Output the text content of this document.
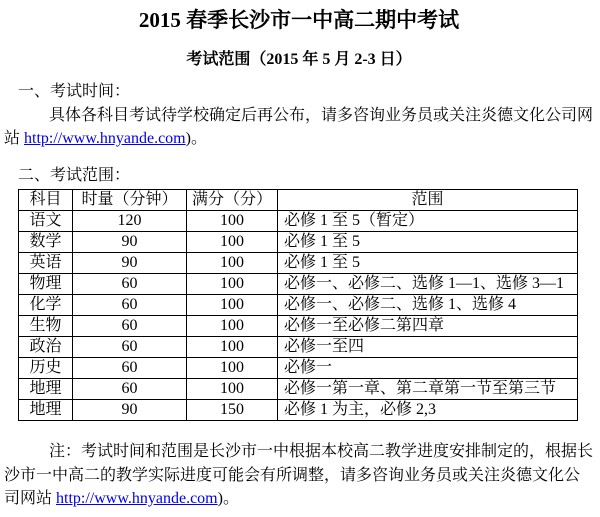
2015 春季长沙市一中高二期中考试
考试范围（2015 年 5 月 2-3 日）
一、考试时间：

具体各科目考试待学校确定后再公布，请多咨询业务员或关注炎德文化公司网站 http://www.hnyande.com)。

二、考试范围：
科目	时量（分钟）	满分（分）	范围
语文	120	100	必修 1 至 5（暂定）
数学	90	100	必修 1 至 5
英语	90	100	必修 1 至 5
物理	60	100	必修一、必修二、选修 1—1、选修 3—1
化学	60	100	必修一、必修二、选修 1、选修 4
生物	60	100	必修一至必修二第四章
政治	60	100	必修一至四
历史	60	100	必修一
地理	60	100	必修一第一章、第二章第一节至第三节
地理	90	150	必修 1 为主，必修 2,3

注：考试时间和范围是长沙市一中根据本校高二教学进度安排制定的，根据长沙市一中高二的教学实际进度可能会有所调整，请多咨询业务员或关注炎德文化公司网站 http://www.hnyande.com)。
